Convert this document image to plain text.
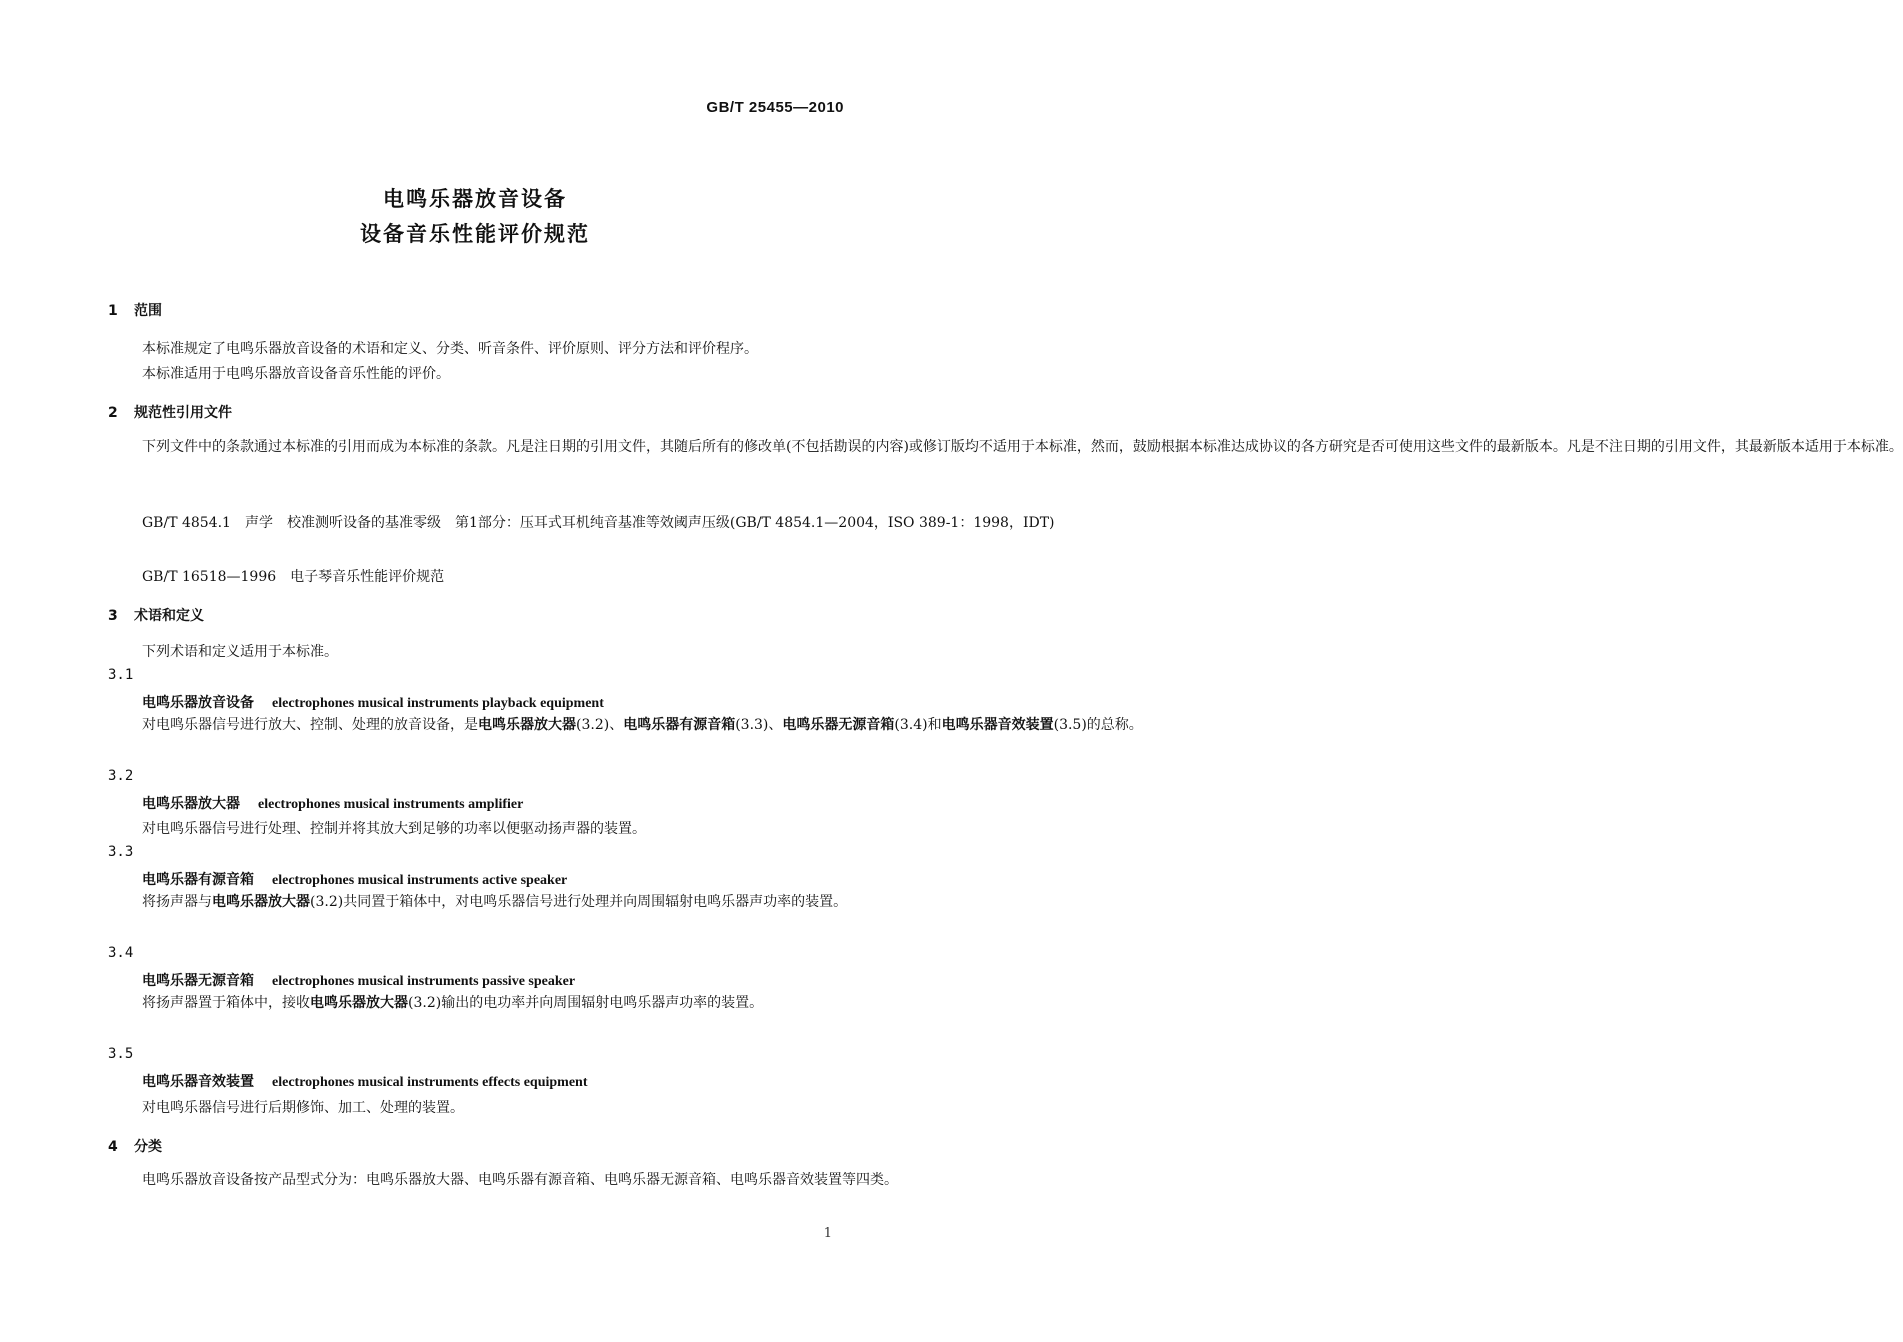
GB/T 25455—2010
电鸣乐器放音设备
设备音乐性能评价规范
1 范围
本标准规定了电鸣乐器放音设备的术语和定义、分类、听音条件、评价原则、评分方法和评价程序。
本标准适用于电鸣乐器放音设备音乐性能的评价。
2 规范性引用文件
下列文件中的条款通过本标准的引用而成为本标准的条款。凡是注日期的引用文件，其随后所有的修改单(不包括勘误的内容)或修订版均不适用于本标准，然而，鼓励根据本标准达成协议的各方研究是否可使用这些文件的最新版本。凡是不注日期的引用文件，其最新版本适用于本标准。
GB/T 4854.1　声学　校准测听设备的基准零级　第1部分：压耳式耳机纯音基准等效阈声压级(GB/T 4854.1—2004，ISO 389-1：1998，IDT)
GB/T 16518—1996　电子琴音乐性能评价规范
3 术语和定义
下列术语和定义适用于本标准。
3.1
电鸣乐器放音设备 electrophones musical instruments playback equipment
对电鸣乐器信号进行放大、控制、处理的放音设备，是电鸣乐器放大器(3.2)、电鸣乐器有源音箱(3.3)、电鸣乐器无源音箱(3.4)和电鸣乐器音效装置(3.5)的总称。
3.2
电鸣乐器放大器 electrophones musical instruments amplifier
对电鸣乐器信号进行处理、控制并将其放大到足够的功率以便驱动扬声器的装置。
3.3
电鸣乐器有源音箱 electrophones musical instruments active speaker
将扬声器与电鸣乐器放大器(3.2)共同置于箱体中，对电鸣乐器信号进行处理并向周围辐射电鸣乐器声功率的装置。
3.4
电鸣乐器无源音箱 electrophones musical instruments passive speaker
将扬声器置于箱体中，接收电鸣乐器放大器(3.2)输出的电功率并向周围辐射电鸣乐器声功率的装置。
3.5
电鸣乐器音效装置 electrophones musical instruments effects equipment
对电鸣乐器信号进行后期修饰、加工、处理的装置。
4 分类
电鸣乐器放音设备按产品型式分为：电鸣乐器放大器、电鸣乐器有源音箱、电鸣乐器无源音箱、电鸣乐器音效装置等四类。
1
